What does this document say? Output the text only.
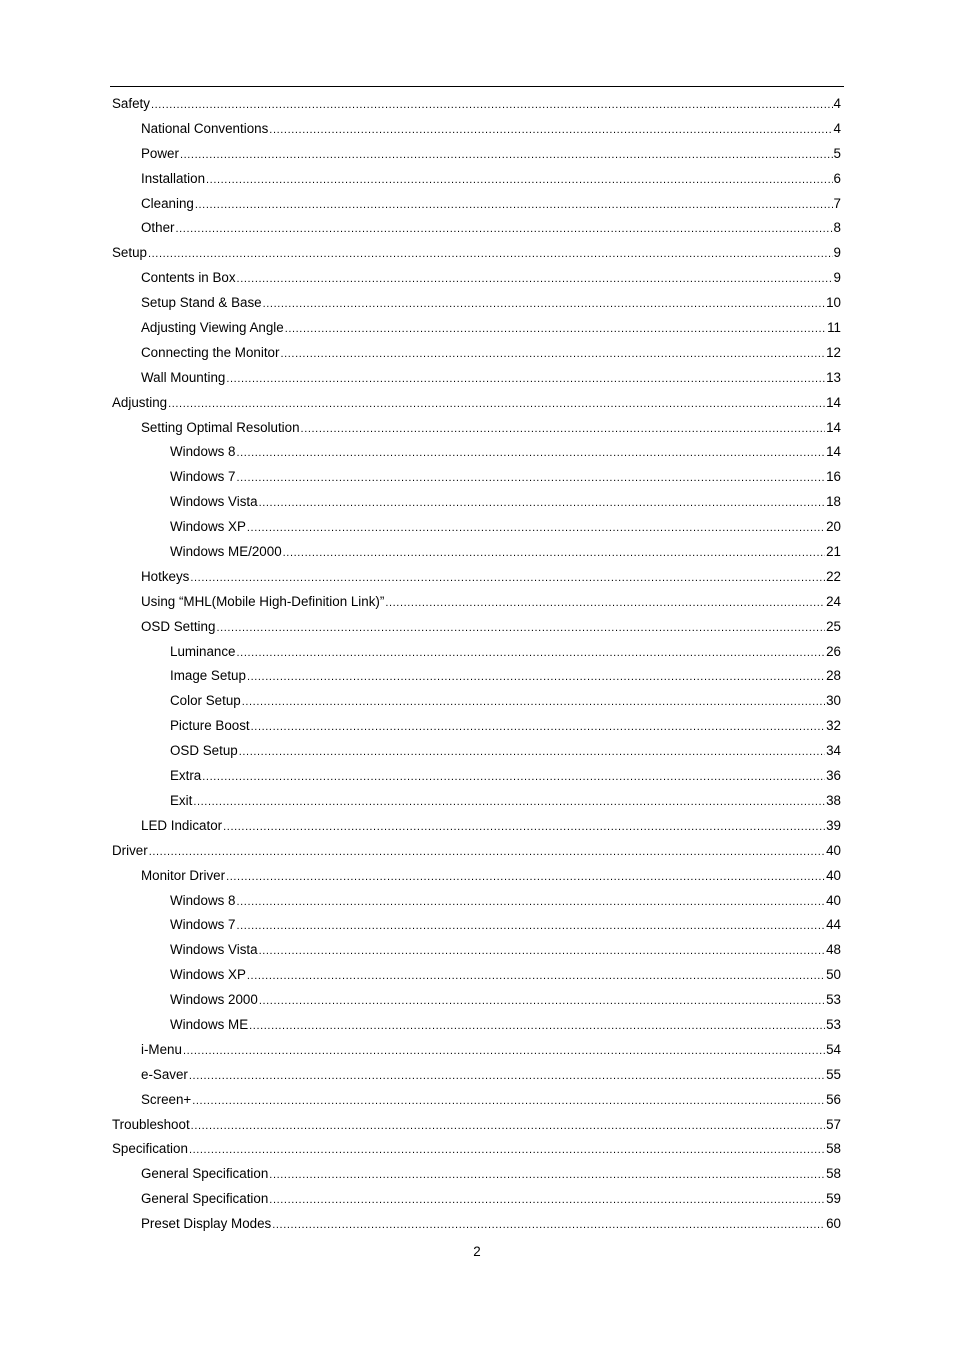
Safety .....	4
National Conventions .....	4
Power .....	5
Installation .....	6
Cleaning .....	7
Other .....	8
Setup .....	9
Contents in Box .....	9
Setup Stand & Base .....	10
Adjusting Viewing Angle .....	11
Connecting the Monitor .....	12
Wall Mounting .....	13
Adjusting .....	14
Setting Optimal Resolution .....	14
Windows 8 .....	14
Windows 7 .....	16
Windows Vista .....	18
Windows XP .....	20
Windows ME/2000 .....	21
Hotkeys .....	22
Using “MHL(Mobile High-Definition Link)” .....	24
OSD Setting .....	25
Luminance .....	26
Image Setup .....	28
Color Setup .....	30
Picture Boost .....	32
OSD Setup .....	34
Extra .....	36
Exit .....	38
LED Indicator .....	39
Driver .....	40
Monitor Driver .....	40
Windows 8 .....	40
Windows 7 .....	44
Windows Vista .....	48
Windows XP .....	50
Windows 2000 .....	53
Windows ME .....	53
i-Menu .....	54
e-Saver .....	55
Screen+ .....	56
Troubleshoot .....	57
Specification .....	58
General Specification .....	58
General Specification .....	59
Preset Display Modes .....	60
2
